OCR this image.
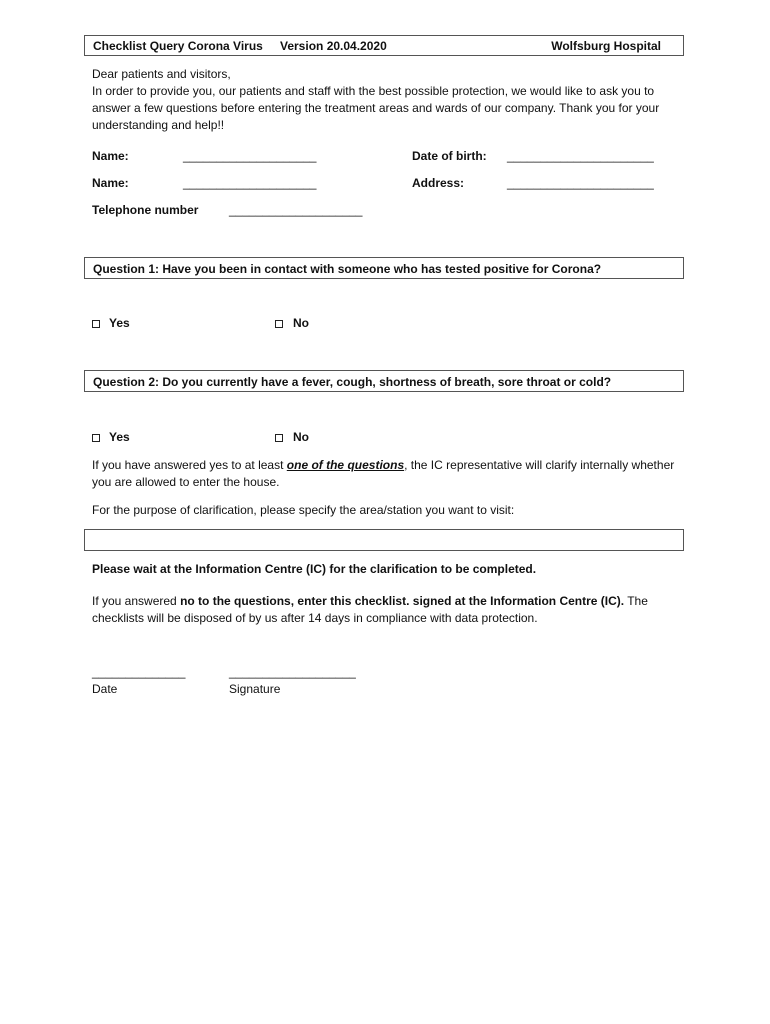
Checklist Query Corona Virus Version 20.04.2020	Wolfsburg Hospital

Dear patients and visitors,

In order to provide you, our patients and staff with the best possible protection, we would like to ask you to answer a few questions before entering the treatment areas and wards of our company. Thank you for your understanding and help!!

Name:	____________________	Date of birth: ______________________
Name:	____________________	Address:	______________________
Telephone number	____________________
Question 1: Have you been in contact with someone who has tested positive for Corona?
Yes	No
Question 2: Do you currently have a fever, cough, shortness of breath, sore throat or cold?
Yes	No

If you have answered yes to at least one of the questions, the IC representative will clarify internally whether you are allowed to enter the house.

For the purpose of clarification, please specify the area/station you want to visit:

Please wait at the Information Centre (IC) for the clarification to be completed.

If you answered no to the questions, enter this checklist. signed at the Information Centre (IC). The checklists will be disposed of by us after 14 days in compliance with data protection.

______________
Date
___________________
Signature
